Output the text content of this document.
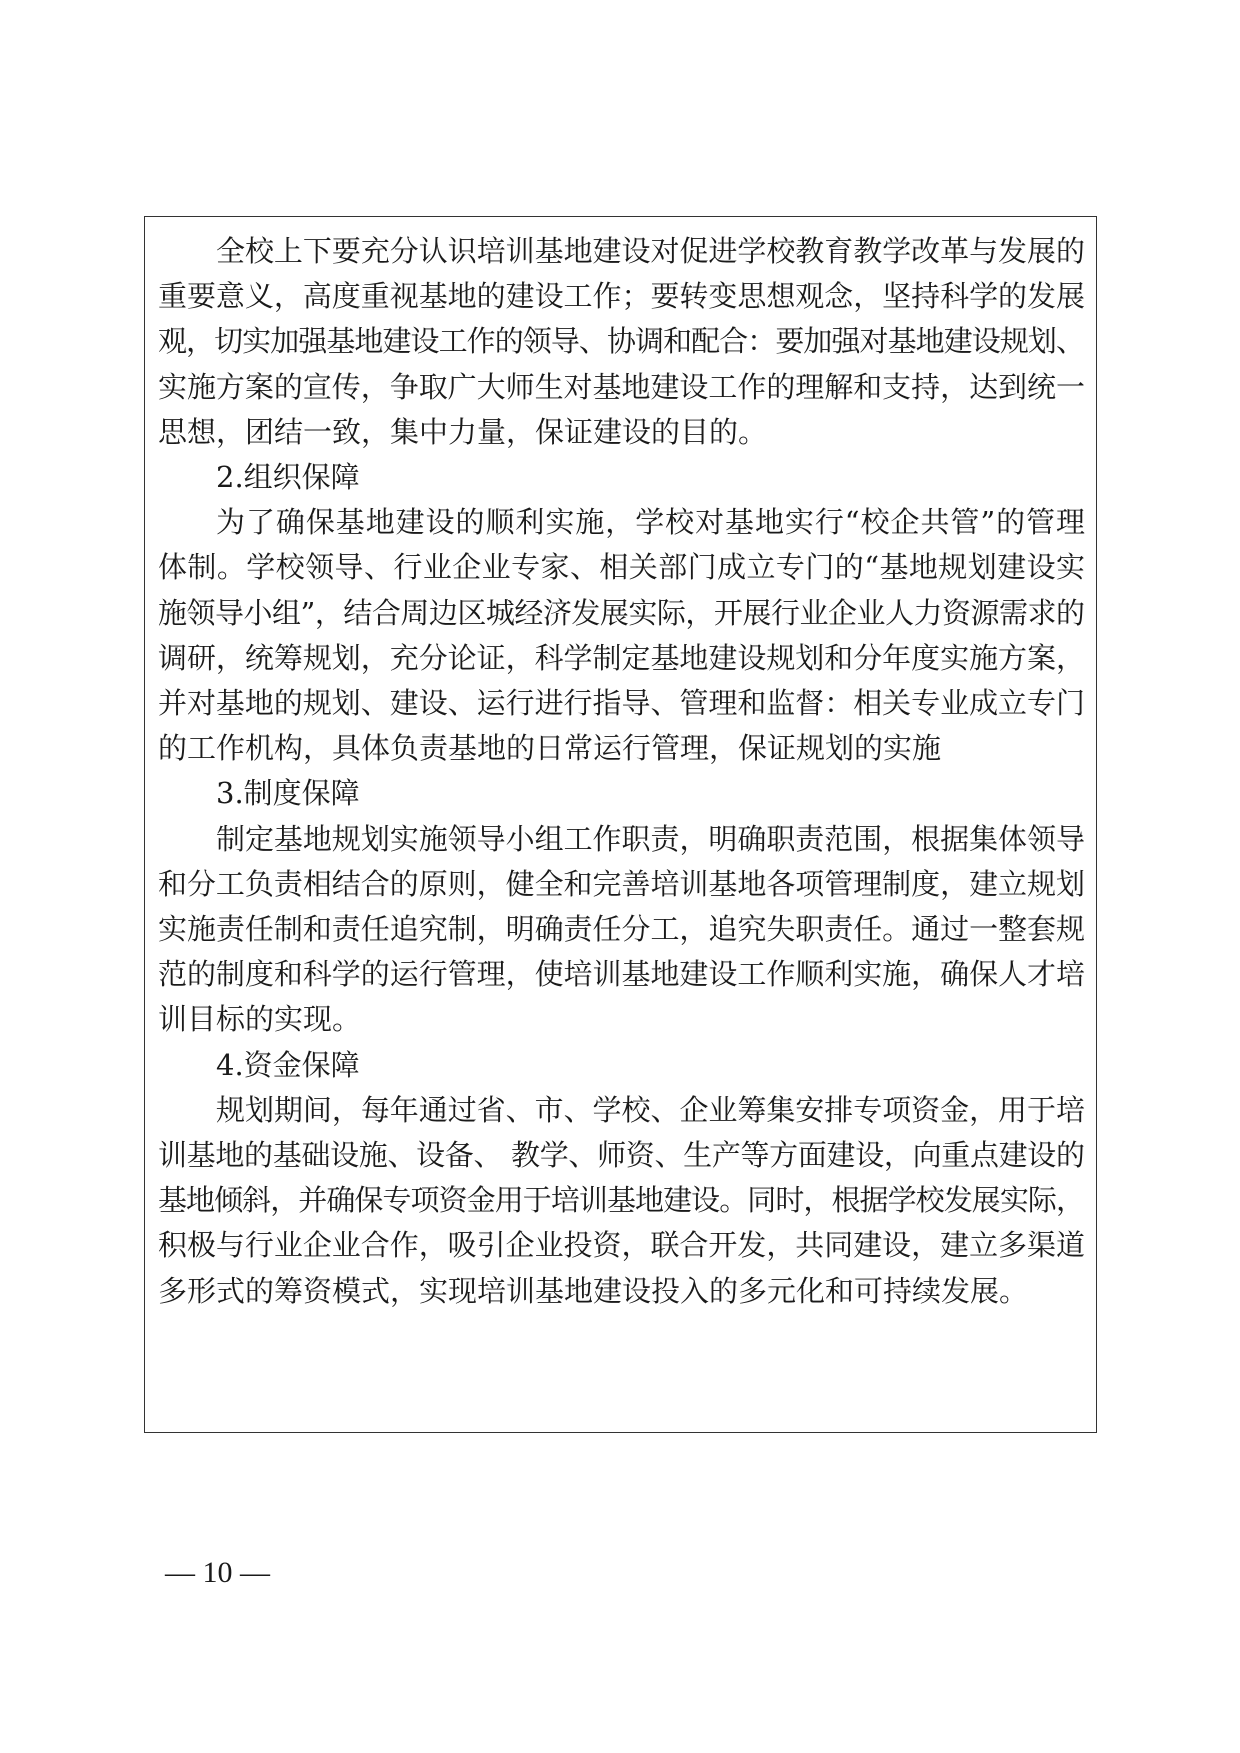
全校上下要充分认识培训基地建设对促进学校教育教学改革与发展的
重要意义，高度重视基地的建设工作；要转变思想观念，坚持科学的发展
观，切实加强基地建设工作的领导、协调和配合：要加强对基地建设规划、
实施方案的宣传，争取广大师生对基地建设工作的理解和支持，达到统一
思想，团结一致，集中力量，保证建设的目的。
2.组织保障
为了确保基地建设的顺利实施，学校对基地实行“校企共管”的管理
体制。学校领导、行业企业专家、相关部门成立专门的“基地规划建设实
施领导小组”，结合周边区城经济发展实际，开展行业企业人力资源需求的
调研，统筹规划，充分论证，科学制定基地建设规划和分年度实施方案，
并对基地的规划、建设、运行进行指导、管理和监督：相关专业成立专门
的工作机构，具体负责基地的日常运行管理，保证规划的实施
3.制度保障
制定基地规划实施领导小组工作职责，明确职责范围，根据集体领导
和分工负责相结合的原则，健全和完善培训基地各项管理制度，建立规划
实施责任制和责任追究制，明确责任分工，追究失职责任。通过一整套规
范的制度和科学的运行管理，使培训基地建设工作顺利实施，确保人才培
训目标的实现。
4.资金保障
规划期间，每年通过省、市、学校、企业筹集安排专项资金，用于培
训基地的基础设施、设备、 教学、师资、生产等方面建设，向重点建设的
基地倾斜，并确保专项资金用于培训基地建设。同时，根据学校发展实际，
积极与行业企业合作，吸引企业投资，联合开发，共同建设，建立多渠道
多形式的筹资模式，实现培训基地建设投入的多元化和可持续发展。
— 10 —
